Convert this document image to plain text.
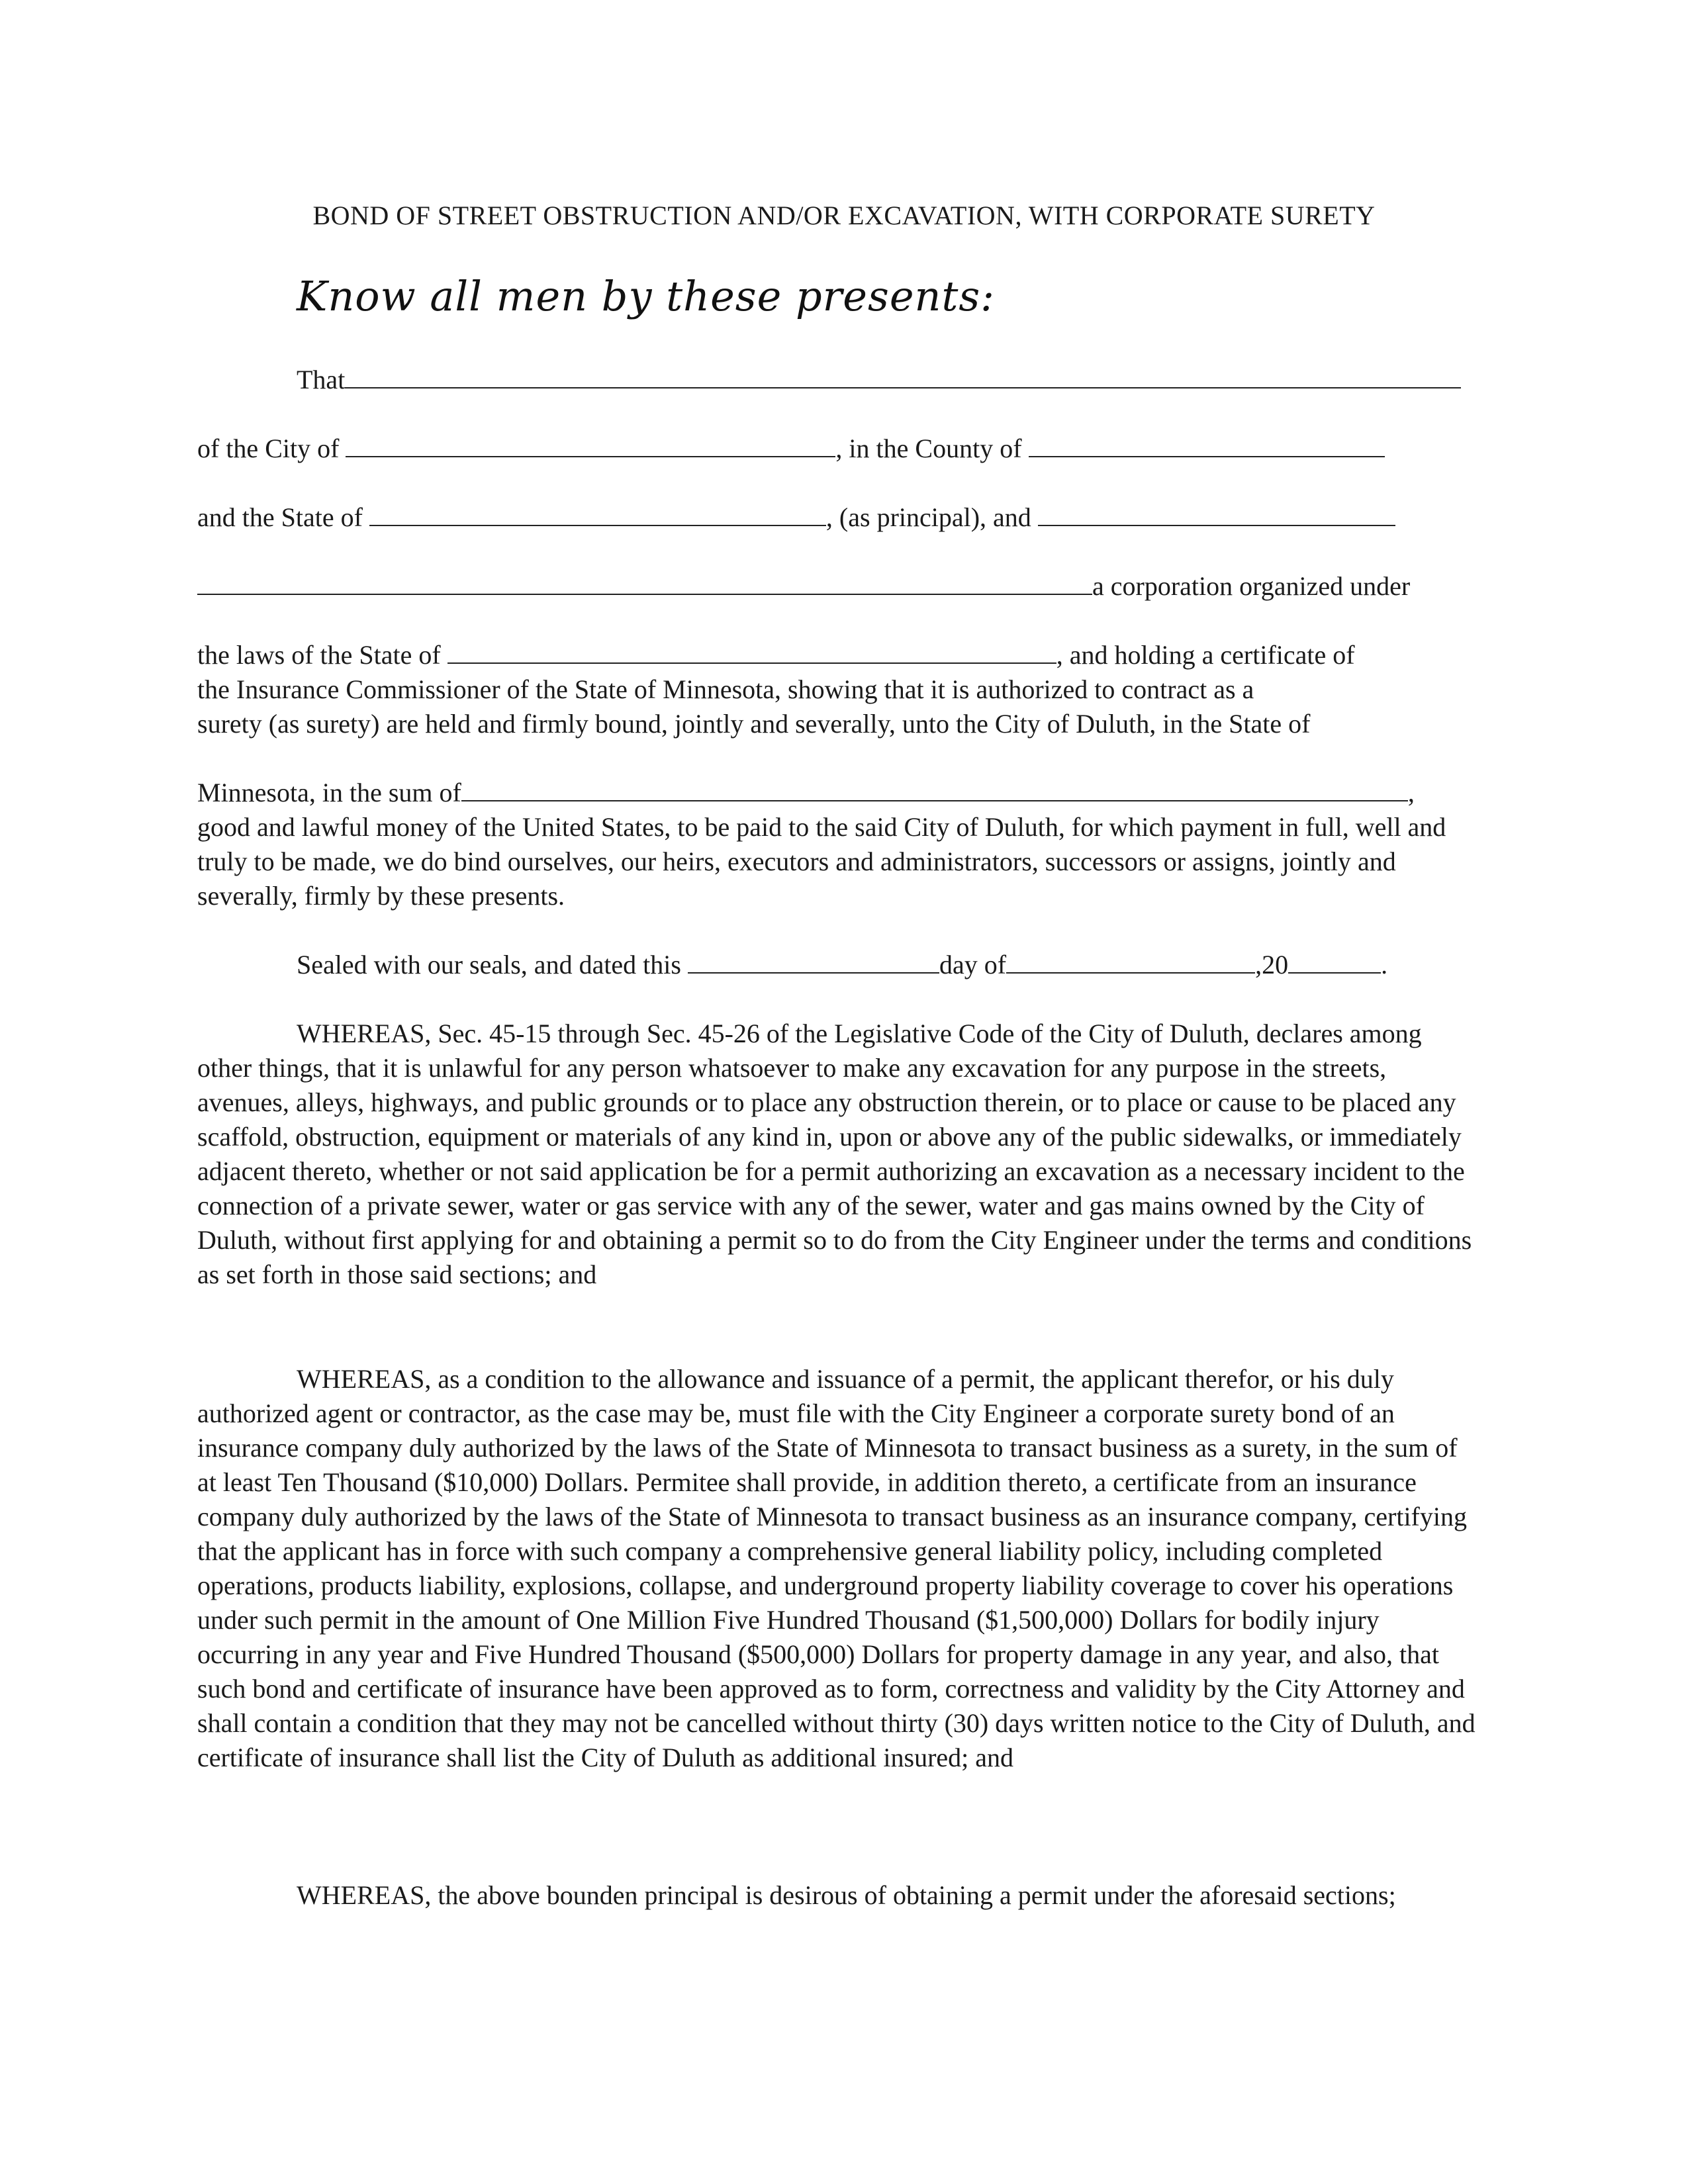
BOND OF STREET OBSTRUCTION AND/OR EXCAVATION, WITH CORPORATE SURETY
Know all men by these presents:
That
of the City of	, in the County of
and the State of	, (as principal), and
a corporation organized under
the laws of the State of	, and holding a certificate of
the Insurance Commissioner of the State of Minnesota, showing that it is authorized to contract as a
surety (as surety) are held and firmly bound, jointly and severally, unto the City of Duluth, in the State of
Minnesota, in the sum of	,
good and lawful money of the United States, to be paid to the said City of Duluth, for which payment in full, well and truly to be made, we do bind ourselves, our heirs, executors and administrators, successors or assigns, jointly and severally, firmly by these presents.
Sealed with our seals, and dated this	day of	,20	.
WHEREAS, Sec. 45-15 through Sec. 45-26 of the Legislative Code of the City of Duluth, declares among other things, that it is unlawful for any person whatsoever to make any excavation for any purpose in the streets, avenues, alleys, highways, and public grounds or to place any obstruction therein, or to place or cause to be placed any scaffold, obstruction, equipment or materials of any kind in, upon or above any of the public sidewalks, or immediately adjacent thereto, whether or not said application be for a permit authorizing an excavation as a necessary incident to the connection of a private sewer, water or gas service with any of the sewer, water and gas mains owned by the City of Duluth, without first applying for and obtaining a permit so to do from the City Engineer under the terms and conditions as set forth in those said sections; and
WHEREAS, as a condition to the allowance and issuance of a permit, the applicant therefor, or his duly authorized agent or contractor, as the case may be, must file with the City Engineer a corporate surety bond of an insurance company duly authorized by the laws of the State of Minnesota to transact business as a surety, in the sum of at least Ten Thousand ($10,000) Dollars. Permitee shall provide, in addition thereto, a certificate from an insurance company duly authorized by the laws of the State of Minnesota to transact business as an insurance company, certifying that the applicant has in force with such company a comprehensive general liability policy, including completed operations, products liability, explosions, collapse, and underground property liability coverage to cover his operations under such permit in the amount of One Million Five Hundred Thousand ($1,500,000) Dollars for bodily injury occurring in any year and Five Hundred Thousand ($500,000) Dollars for property damage in any year, and also, that such bond and certificate of insurance have been approved as to form, correctness and validity by the City Attorney and shall contain a condition that they may not be cancelled without thirty (30) days written notice to the City of Duluth, and certificate of insurance shall list the City of Duluth as additional insured; and
WHEREAS, the above bounden principal is desirous of obtaining a permit under the aforesaid sections;
